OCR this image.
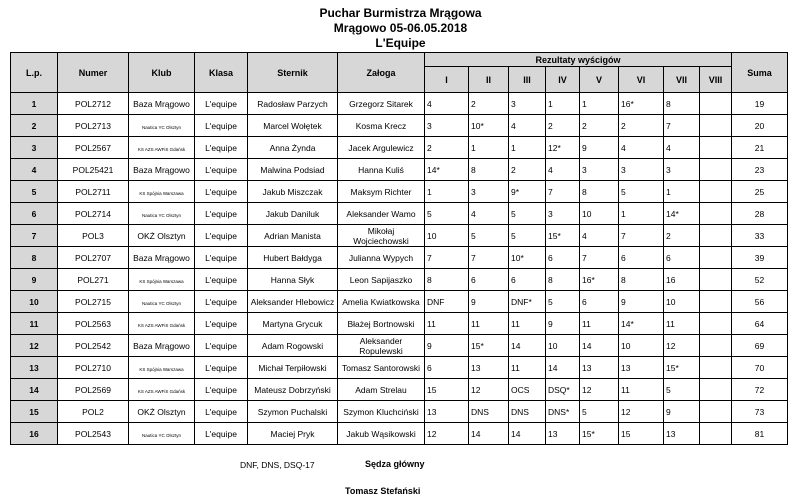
Puchar Burmistrza Mrągowa
Mrągowo 05-06.05.2018
L'Equipe
L.p.	Numer	Klub	Klasa	Sternik	Załoga	Rezultaty wyścigów								Suma
						I	II	III	IV	V	VI	VII	VIII	
1	POL2712	Baza Mrągowo	L'equipe	Radosław Parzych	Grzegorz Sitarek	4	2	3	1	1	16*	8		19
2	POL2713	Nautica YC Olsztyn	L'equipe	Marcel Wołętek	Kosma Krecz	3	10*	4	2	2	2	7		20
3	POL2567	KS AZS AWFiS Gdańsk	L'equipe	Anna Żynda	Jacek Argulewicz	2	1	1	12*	9	4	4		21
4	POL25421	Baza Mrągowo	L'equipe	Malwina Podsiad	Hanna Kuliś	14*	8	2	4	3	3	3		23
5	POL2711	KS Spójnia Warszawa	L'equipe	Jakub Miszczak	Maksym Richter	1	3	9*	7	8	5	1		25
6	POL2714	Nautica YC Olsztyn	L'equipe	Jakub Daniluk	Aleksander Wamo	5	4	5	3	10	1	14*		28
7	POL3	OKŻ Olsztyn	L'equipe	Adrian Manista	Mikołaj Wojciechowski	10	5	5	15*	4	7	2		33
8	POL2707	Baza Mrągowo	L'equipe	Hubert Bałdyga	Julianna Wypych	7	7	10*	6	7	6	6		39
9	POL271	KS Spójnia Warszawa	L'equipe	Hanna Słyk	Leon Sapijaszko	8	6	6	8	16*	8	16		52
10	POL2715	Nautica YC Olsztyn	L'equipe	Aleksander Hlebowicz	Amelia Kwiatkowska	DNF	9	DNF*	5	6	9	10		56
11	POL2563	KS AZS AWFiS Gdańsk	L'equipe	Martyna Grycuk	Błażej Bortnowski	11	11	11	9	11	14*	11		64
12	POL2542	Baza Mrągowo	L'equipe	Adam Rogowski	Aleksander Ropulewski	9	15*	14	10	14	10	12		69
13	POL2710	KS Spójnia Warszawa	L'equipe	Michał Terpiłowski	Tomasz Santorowski	6	13	11	14	13	13	15*		70
14	POL2569	KS AZS AWFiS Gdańsk	L'equipe	Mateusz Dobrzyński	Adam Strelau	15	12	OCS	DSQ*	12	11	5		72
15	POL2	OKŻ Olsztyn	L'equipe	Szymon Puchalski	Szymon Kluchciński	13	DNS	DNS	DNS*	5	12	9		73
16	POL2543	Nautica YC Olsztyn	L'equipe	Maciej Pryk	Jakub Wąsikowski	12	14	14	13	15*	15	13		81
DNF, DNS, DSQ-17	Sędza główny
Tomasz Stefański
